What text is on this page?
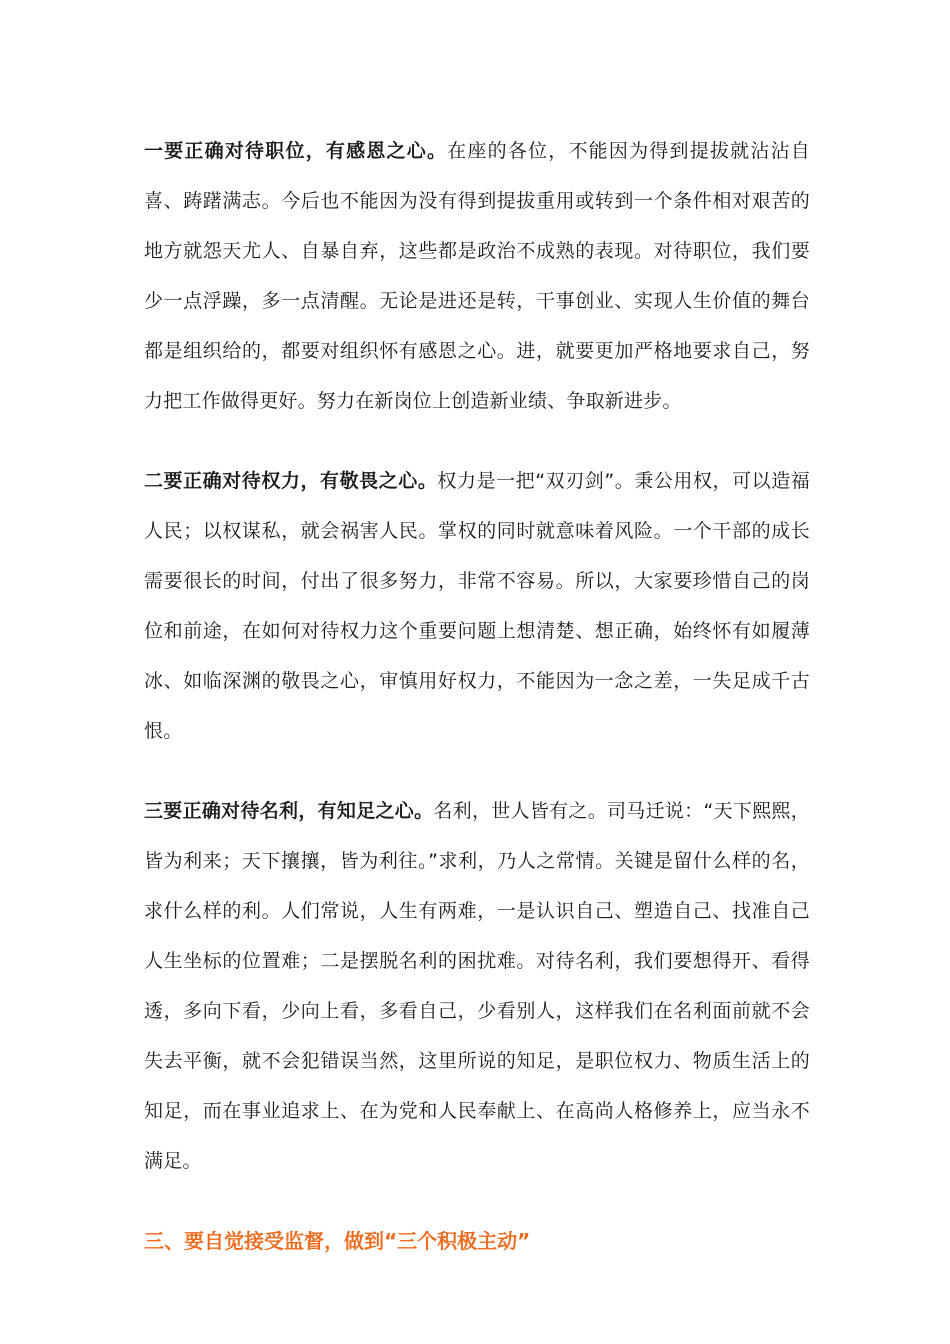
一要正确对待职位，有感恩之心。在座的各位，不能因为得到提拔就沾沾自喜、踌躇满志。今后也不能因为没有得到提拔重用或转到一个条件相对艰苦的地方就怨天尤人、自暴自弃，这些都是政治不成熟的表现。对待职位，我们要少一点浮躁，多一点清醒。无论是进还是转，干事创业、实现人生价值的舞台都是组织给的，都要对组织怀有感恩之心。进，就要更加严格地要求自己，努力把工作做得更好。努力在新岗位上创造新业绩、争取新进步。

二要正确对待权力，有敬畏之心。权力是一把“双刃剑”。秉公用权，可以造福人民；以权谋私，就会祸害人民。掌权的同时就意味着风险。一个干部的成长需要很长的时间，付出了很多努力，非常不容易。所以，大家要珍惜自己的岗位和前途，在如何对待权力这个重要问题上想清楚、想正确，始终怀有如履薄冰、如临深渊的敬畏之心，审慎用好权力，不能因为一念之差，一失足成千古恨。

三要正确对待名利，有知足之心。名利，世人皆有之。司马迁说：“天下熙熙，皆为利来；天下攘攘，皆为利往。”求利，乃人之常情。关键是留什么样的名，求什么样的利。人们常说，人生有两难，一是认识自己、塑造自己、找准自己人生坐标的位置难；二是摆脱名利的困扰难。对待名利，我们要想得开、看得透，多向下看，少向上看，多看自己，少看别人，这样我们在名利面前就不会失去平衡，就不会犯错误当然，这里所说的知足，是职位权力、物质生活上的知足，而在事业追求上、在为党和人民奉献上、在高尚人格修养上，应当永不满足。

三、要自觉接受监督，做到“三个积极主动”
